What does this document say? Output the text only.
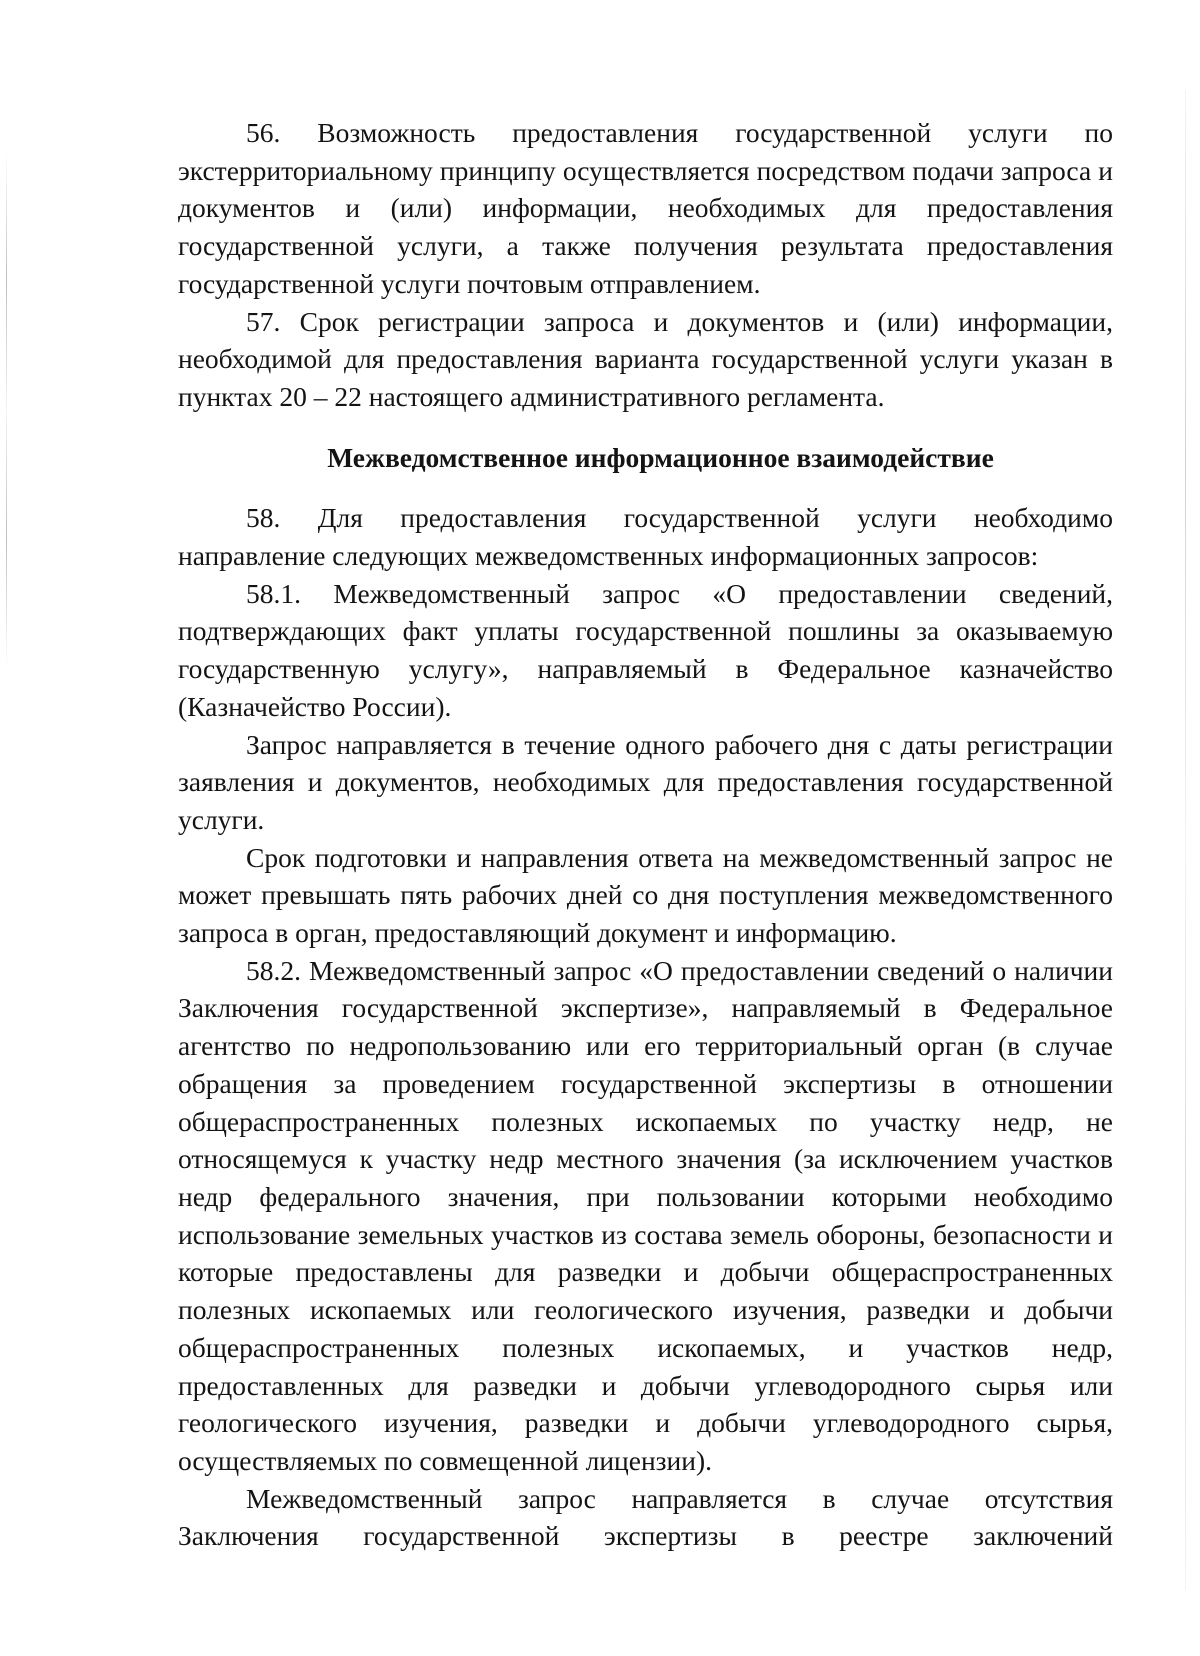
56. Возможность предоставления государственной услуги по экстерриториальному принципу осуществляется посредством подачи запроса и документов и (или) информации, необходимых для предоставления государственной услуги, а также получения результата предоставления государственной услуги почтовым отправлением.

57. Срок регистрации запроса и документов и (или) информации, необходимой для предоставления варианта государственной услуги указан в пунктах 20 – 22 настоящего административного регламента.

Межведомственное информационное взаимодействие

58. Для предоставления государственной услуги необходимо направление следующих межведомственных информационных запросов:

58.1. Межведомственный запрос «О предоставлении сведений, подтверждающих факт уплаты государственной пошлины за оказываемую государственную услугу», направляемый в Федеральное казначейство (Казначейство России).

Запрос направляется в течение одного рабочего дня с даты регистрации заявления и документов, необходимых для предоставления государственной услуги.

Срок подготовки и направления ответа на межведомственный запрос не может превышать пять рабочих дней со дня поступления межведомственного запроса в орган, предоставляющий документ и информацию.

58.2. Межведомственный запрос «О предоставлении сведений о наличии Заключения государственной экспертизе», направляемый в Федеральное агентство по недропользованию или его территориальный орган (в случае обращения за проведением государственной экспертизы в отношении общераспространенных полезных ископаемых по участку недр, не относящемуся к участку недр местного значения (за исключением участков недр федерального значения, при пользовании которыми необходимо использование земельных участков из состава земель обороны, безопасности и которые предоставлены для разведки и добычи общераспространенных полезных ископаемых или геологического изучения, разведки и добычи общераспространенных полезных ископаемых, и участков недр, предоставленных для разведки и добычи углеводородного сырья или геологического изучения, разведки и добычи углеводородного сырья, осуществляемых по совмещенной лицензии).

Межведомственный запрос направляется в случае отсутствия Заключения государственной экспертизы в реестре заключений
